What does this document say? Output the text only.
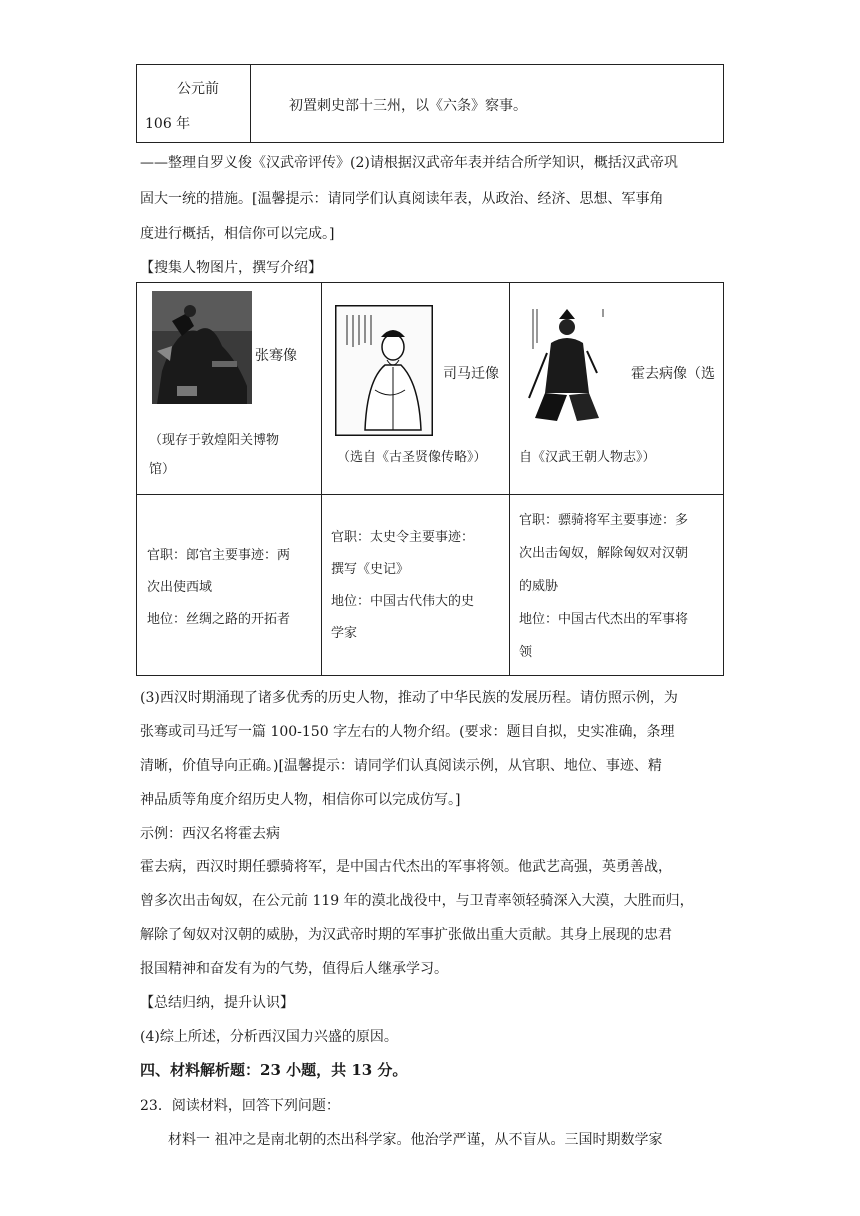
公元前
106 年
初置刺史部十三州，以《六条》察事。
——整理自罗义俊《汉武帝评传》(2)请根据汉武帝年表并结合所学知识，概括汉武帝巩
固大一统的措施。[温馨提示：请同学们认真阅读年表，从政治、经济、思想、军事角
度进行概括，相信你可以完成。]
【搜集人物图片，撰写介绍】
张骞像
（现存于敦煌阳关博物
馆）
司马迁像
（选自《古圣贤像传略》）
霍去病像（选
自《汉武王朝人物志》）
官职：郎官主要事迹：两
次出使西域
地位：丝绸之路的开拓者
官职：太史令主要事迹：
撰写《史记》
地位：中国古代伟大的史
学家
官职：骠骑将军主要事迹：多
次出击匈奴，解除匈奴对汉朝
的威胁
地位：中国古代杰出的军事将
领
(3)西汉时期涌现了诸多优秀的历史人物，推动了中华民族的发展历程。请仿照示例，为
张骞或司马迁写一篇 100-150 字左右的人物介绍。(要求：题目自拟，史实准确，条理
清晰，价值导向正确。)[温馨提示：请同学们认真阅读示例，从官职、地位、事迹、精
神品质等角度介绍历史人物，相信你可以完成仿写。]
示例：西汉名将霍去病
霍去病，西汉时期任骠骑将军，是中国古代杰出的军事将领。他武艺高强，英勇善战，
曾多次出击匈奴，在公元前 119 年的漠北战役中，与卫青率领轻骑深入大漠，大胜而归，
解除了匈奴对汉朝的威胁，为汉武帝时期的军事扩张做出重大贡献。其身上展现的忠君
报国精神和奋发有为的气势，值得后人继承学习。
【总结归纳，提升认识】
(4)综上所述，分析西汉国力兴盛的原因。
四、材料解析题：23 小题，共 13 分。
23．阅读材料，回答下列问题：
材料一 祖冲之是南北朝的杰出科学家。他治学严谨，从不盲从。三国时期数学家
